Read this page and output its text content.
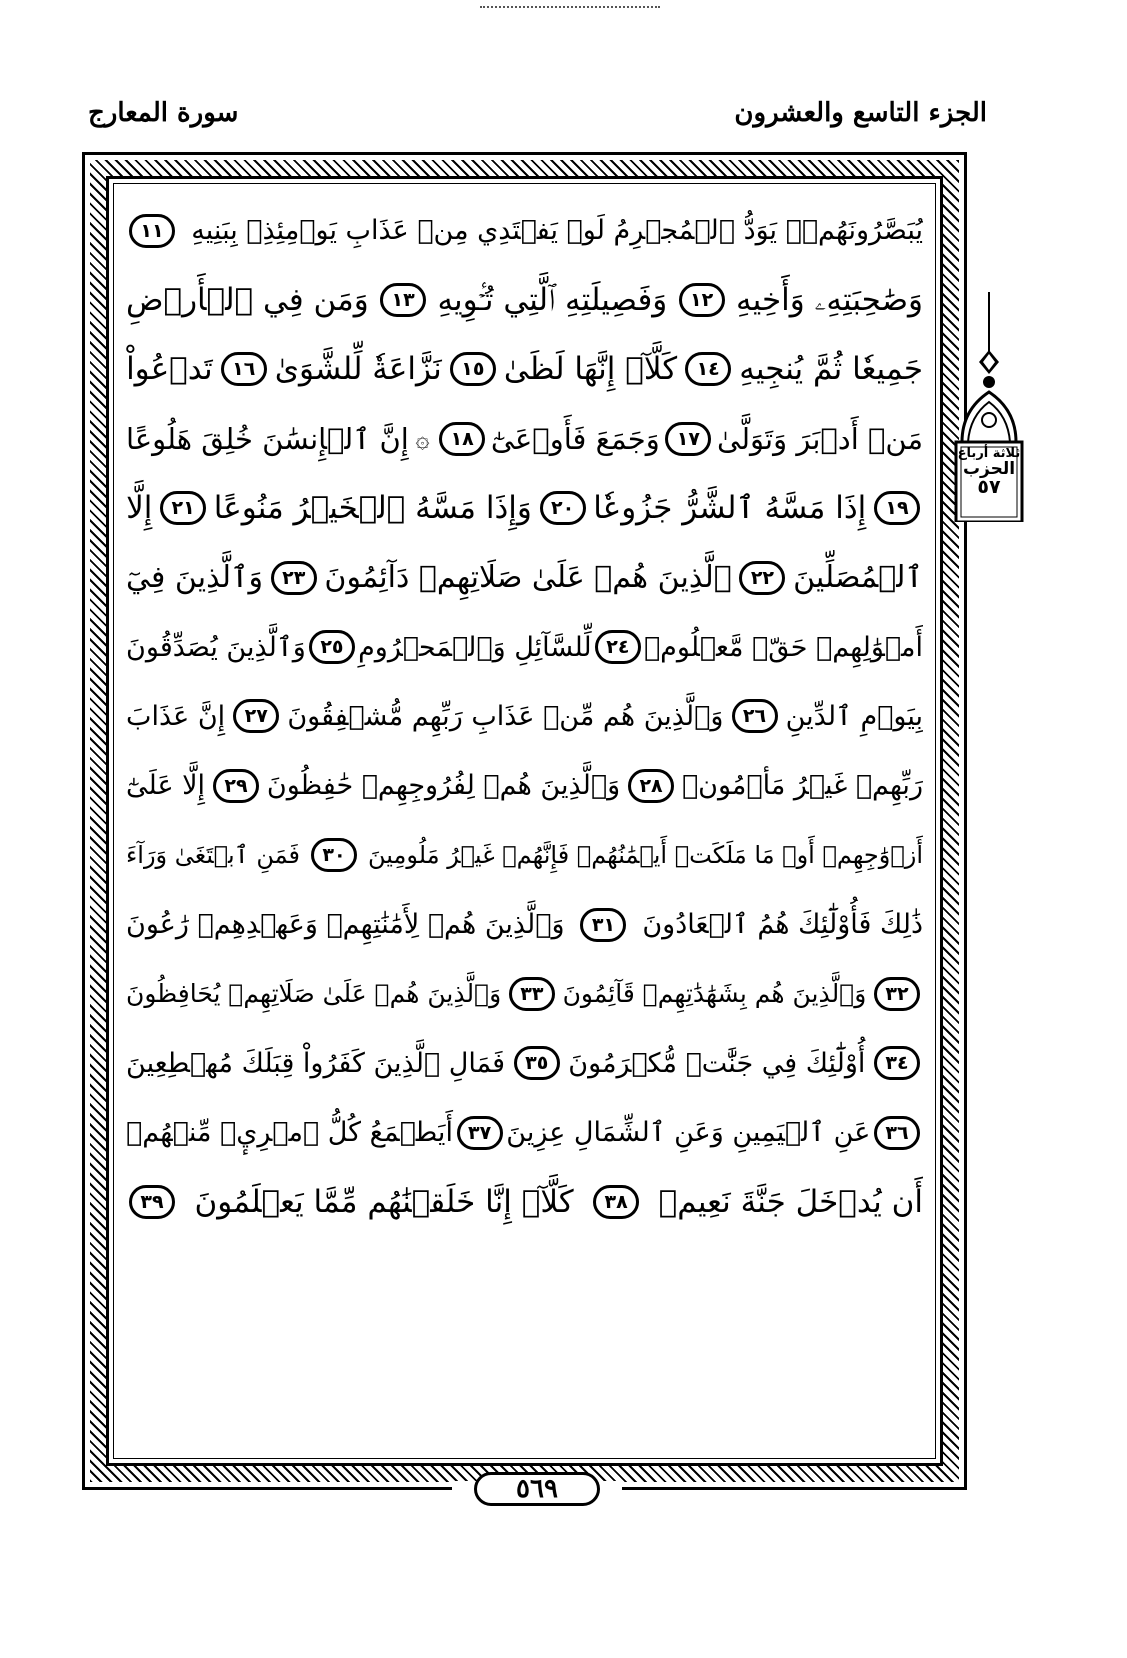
سورة المعارج	الجزء التاسع والعشرون
يُبَصَّرُونَهُمۡۚ يَوَدُّ ٱلۡمُجۡرِمُ لَوۡ يَفۡتَدِي مِنۡ عَذَابِ يَوۡمِئِذِۭ بِبَنِيهِ
١١
وَصَٰحِبَتِهِۦ وَأَخِيهِ
١٢
وَفَصِيلَتِهِ ٱلَّتِي تُـٔۡوِيهِ
١٣
وَمَن فِي ٱلۡأَرۡضِ
جَمِيعٗا ثُمَّ يُنجِيهِ
١٤
كَلَّآۖ إِنَّهَا لَظَىٰ
١٥
نَزَّاعَةٗ لِّلشَّوَىٰ
١٦
تَدۡعُواْ
مَنۡ أَدۡبَرَ وَتَوَلَّىٰ
١٧
وَجَمَعَ فَأَوۡعَىٰٓ
١٨
۞
إِنَّ ٱلۡإِنسَٰنَ خُلِقَ هَلُوعًا
١٩
إِذَا مَسَّهُ ٱلشَّرُّ جَزُوعٗا
٢٠
وَإِذَا مَسَّهُ ٱلۡخَيۡرُ مَنُوعًا
٢١
إِلَّا
ٱلۡمُصَلِّينَ
٢٢
ٱلَّذِينَ هُمۡ عَلَىٰ صَلَاتِهِمۡ دَآئِمُونَ
٢٣
وَٱلَّذِينَ فِيٓ
أَمۡوَٰلِهِمۡ حَقّٞ مَّعۡلُومٞ
٢٤
لِّلسَّآئِلِ وَٱلۡمَحۡرُومِ
٢٥
وَٱلَّذِينَ يُصَدِّقُونَ
بِيَوۡمِ ٱلدِّينِ
٢٦
وَٱلَّذِينَ هُم مِّنۡ عَذَابِ رَبِّهِم مُّشۡفِقُونَ
٢٧
إِنَّ عَذَابَ
رَبِّهِمۡ غَيۡرُ مَأۡمُونٖ
٢٨
وَٱلَّذِينَ هُمۡ لِفُرُوجِهِمۡ حَٰفِظُونَ
٢٩
إِلَّا عَلَىٰٓ
أَزۡوَٰجِهِمۡ أَوۡ مَا مَلَكَتۡ أَيۡمَٰنُهُمۡ فَإِنَّهُمۡ غَيۡرُ مَلُومِينَ
٣٠
فَمَنِ ٱبۡتَغَىٰ وَرَآءَ
ذَٰلِكَ فَأُوْلَٰٓئِكَ هُمُ ٱلۡعَادُونَ
٣١
وَٱلَّذِينَ هُمۡ لِأَمَٰنَٰتِهِمۡ وَعَهۡدِهِمۡ رَٰعُونَ
٣٢
وَٱلَّذِينَ هُم بِشَهَٰدَٰتِهِمۡ قَآئِمُونَ
٣٣
وَٱلَّذِينَ هُمۡ عَلَىٰ صَلَاتِهِمۡ يُحَافِظُونَ
٣٤
أُوْلَٰٓئِكَ فِي جَنَّٰتٖ مُّكۡرَمُونَ
٣٥
فَمَالِ ٱلَّذِينَ كَفَرُواْ قِبَلَكَ مُهۡطِعِينَ
٣٦
عَنِ ٱلۡيَمِينِ وَعَنِ ٱلشِّمَالِ عِزِينَ
٣٧
أَيَطۡمَعُ كُلُّ ٱمۡرِيٕٖ مِّنۡهُمۡ
أَن يُدۡخَلَ جَنَّةَ نَعِيمٖ
٣٨
كَلَّآۖ إِنَّا خَلَقۡنَٰهُم مِّمَّا يَعۡلَمُونَ
٣٩
٥٦٩
ثلاثة أرباع
الحزب
٥٧
